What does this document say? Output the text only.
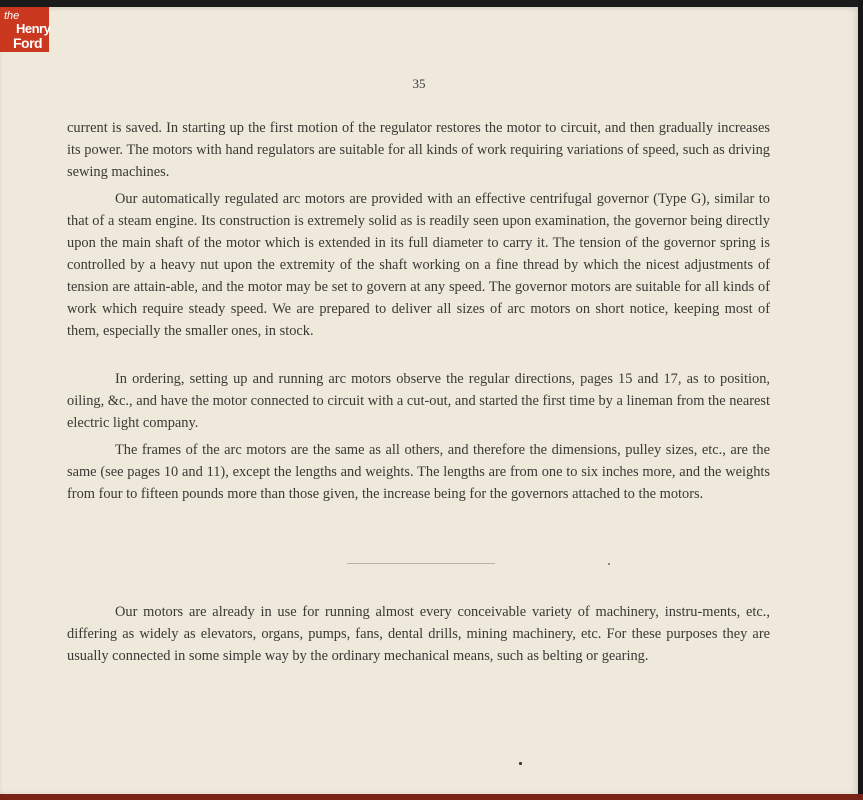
the
Henry
Ford
35

current is saved. In starting up the first motion of the regulator restores the motor to circuit, and then gradually increases its power. The motors with hand regulators are suitable for all kinds of work requiring variations of speed, such as driving sewing machines.

Our automatically regulated arc motors are provided with an effective centrifugal governor (Type G), similar to that of a steam engine. Its construction is extremely solid as is readily seen upon examination, the governor being directly upon the main shaft of the motor which is extended in its full diameter to carry it. The tension of the governor spring is controlled by a heavy nut upon the extremity of the shaft working on a fine thread by which the nicest adjustments of tension are attain-able, and the motor may be set to govern at any speed. The governor motors are suitable for all kinds of work which require steady speed. We are prepared to deliver all sizes of arc motors on short notice, keeping most of them, especially the smaller ones, in stock.

In ordering, setting up and running arc motors observe the regular directions, pages 15 and 17, as to position, oiling, &c., and have the motor connected to circuit with a cut-out, and started the first time by a lineman from the nearest electric light company.

The frames of the arc motors are the same as all others, and therefore the dimensions, pulley sizes, etc., are the same (see pages 10 and 11), except the lengths and weights. The lengths are from one to six inches more, and the weights from four to fifteen pounds more than those given, the increase being for the governors attached to the motors.

Our motors are already in use for running almost every conceivable variety of machinery, instru-ments, etc., differing as widely as elevators, organs, pumps, fans, dental drills, mining machinery, etc. For these purposes they are usually connected in some simple way by the ordinary mechanical means, such as belting or gearing.
